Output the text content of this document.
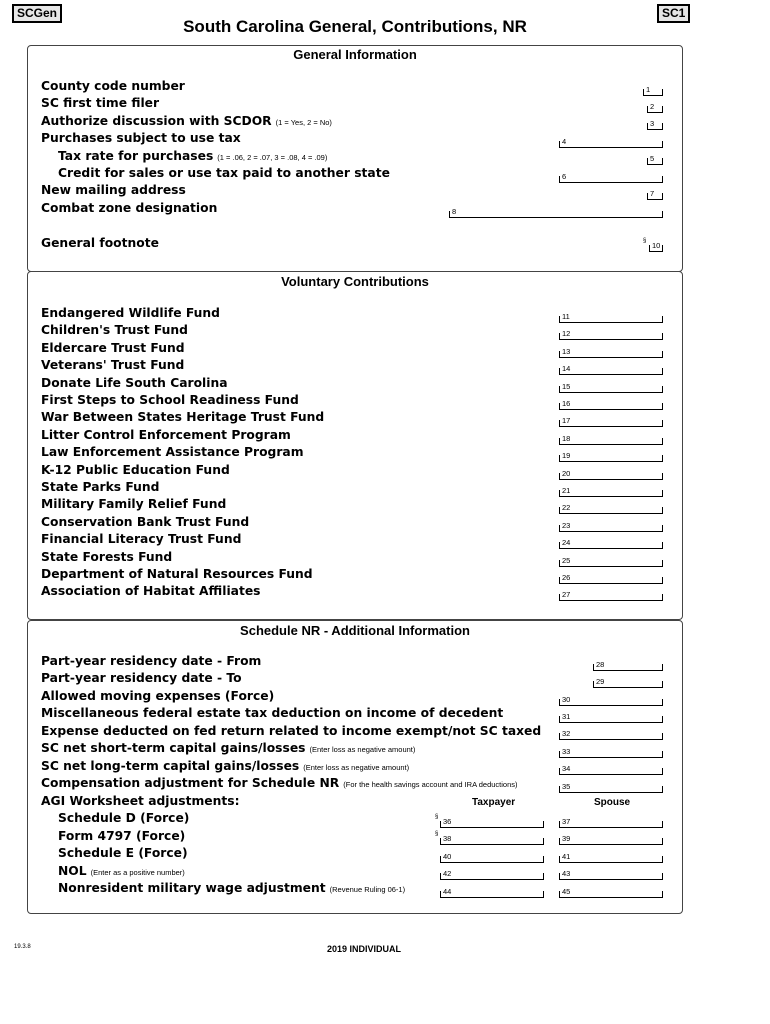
SCGen	SC1
South Carolina General, Contributions, NR
General Information
County code number	1
SC first time filer	2
Authorize discussion with SCDOR (1 = Yes, 2 = No)	3
Purchases subject to use tax	4
Tax rate for purchases (1 = .06, 2 = .07, 3 = .08, 4 = .09)	5
Credit for sales or use tax paid to another state	6
New mailing address	7
Combat zone designation	8
General footnote	§ 10
Voluntary Contributions
Endangered Wildlife Fund	11
Children's Trust Fund	12
Eldercare Trust Fund	13
Veterans' Trust Fund	14
Donate Life South Carolina	15
First Steps to School Readiness Fund	16
War Between States Heritage Trust Fund	17
Litter Control Enforcement Program	18
Law Enforcement Assistance Program	19
K-12 Public Education Fund	20
State Parks Fund	21
Military Family Relief Fund	22
Conservation Bank Trust Fund	23
Financial Literacy Trust Fund	24
State Forests Fund	25
Department of Natural Resources Fund	26
Association of Habitat Affiliates	27
Schedule NR - Additional Information
Part-year residency date - From	28
Part-year residency date - To	29
Allowed moving expenses (Force)	30
Miscellaneous federal estate tax deduction on income of decedent	31
Expense deducted on fed return related to income exempt/not SC taxed	32
SC net short-term capital gains/losses (Enter loss as negative amount)	33
SC net long-term capital gains/losses (Enter loss as negative amount)	34
Compensation adjustment for Schedule NR (For the health savings account and IRA deductions)	35
AGI Worksheet adjustments:	Taxpayer	Spouse
Schedule D (Force)	§ 36	37
Form 4797 (Force)	§ 38	39
Schedule E (Force)	40	41
NOL (Enter as a positive number)	42	43
Nonresident military wage adjustment (Revenue Ruling 06-1)	44	45
19.3.8	2019 INDIVIDUAL
